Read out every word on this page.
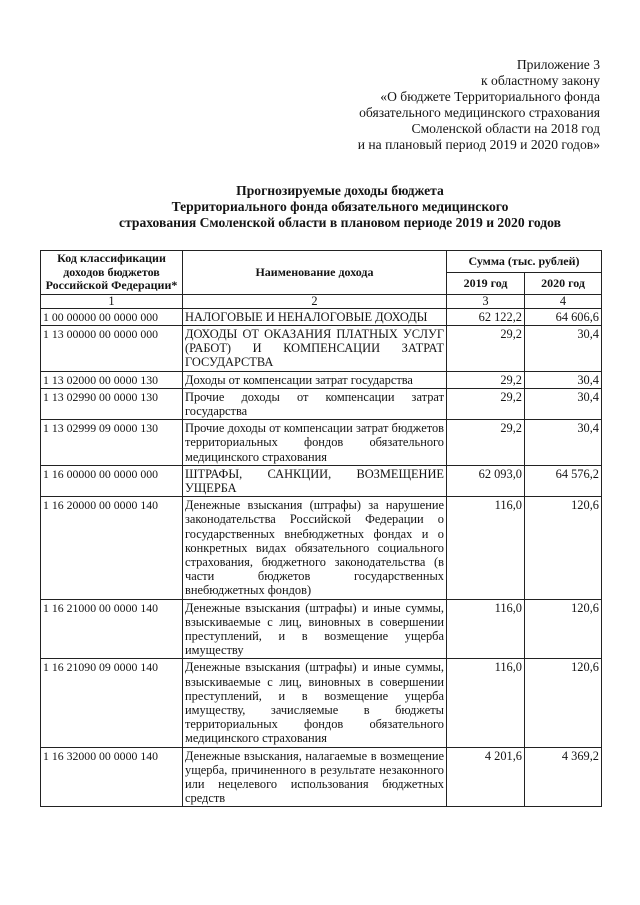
Приложение 3
к областному закону
«О бюджете Территориального фонда
обязательного медицинского страхования
Смоленской области на 2018 год
и на плановый период 2019 и 2020 годов»
Прогнозируемые доходы бюджета
Территориального фонда обязательного медицинского
страхования Смоленской области в плановом периоде 2019 и 2020 годов
Код классификации доходов бюджетов Российской Федерации*	Наименование дохода	Сумма (тыс. рублей)	
		2019 год	2020 год
1	2	3	4
1 00 00000 00 0000 000	НАЛОГОВЫЕ И НЕНАЛОГОВЫЕ ДОХОДЫ	62 122,2	64 606,6
1 13 00000 00 0000 000	ДОХОДЫ ОТ ОКАЗАНИЯ ПЛАТНЫХ УСЛУГ (РАБОТ) И КОМПЕНСАЦИИ ЗАТРАТ ГОСУДАРСТВА	29,2	30,4
1 13 02000 00 0000 130	Доходы от компенсации затрат государства	29,2	30,4
1 13 02990 00 0000 130	Прочие доходы от компенсации затрат государства	29,2	30,4
1 13 02999 09 0000 130	Прочие доходы от компенсации затрат бюджетов территориальных фондов обязательного медицинского страхования	29,2	30,4
1 16 00000 00 0000 000	ШТРАФЫ, САНКЦИИ, ВОЗМЕЩЕНИЕ УЩЕРБА	62 093,0	64 576,2
1 16 20000 00 0000 140	Денежные взыскания (штрафы) за нарушение законодательства Российской Федерации о государственных внебюджетных фондах и о конкретных видах обязательного социального страхования, бюджетного законодательства (в части бюджетов государственных внебюджетных фондов)	116,0	120,6
1 16 21000 00 0000 140	Денежные взыскания (штрафы) и иные суммы, взыскиваемые с лиц, виновных в совершении преступлений, и в возмещение ущерба имуществу	116,0	120,6
1 16 21090 09 0000 140	Денежные взыскания (штрафы) и иные суммы, взыскиваемые с лиц, виновных в совершении преступлений, и в возмещение ущерба имуществу, зачисляемые в бюджеты территориальных фондов обязательного медицинского страхования	116,0	120,6
1 16 32000 00 0000 140	Денежные взыскания, налагаемые в возмещение ущерба, причиненного в результате незаконного или нецелевого использования бюджетных средств	4 201,6	4 369,2
